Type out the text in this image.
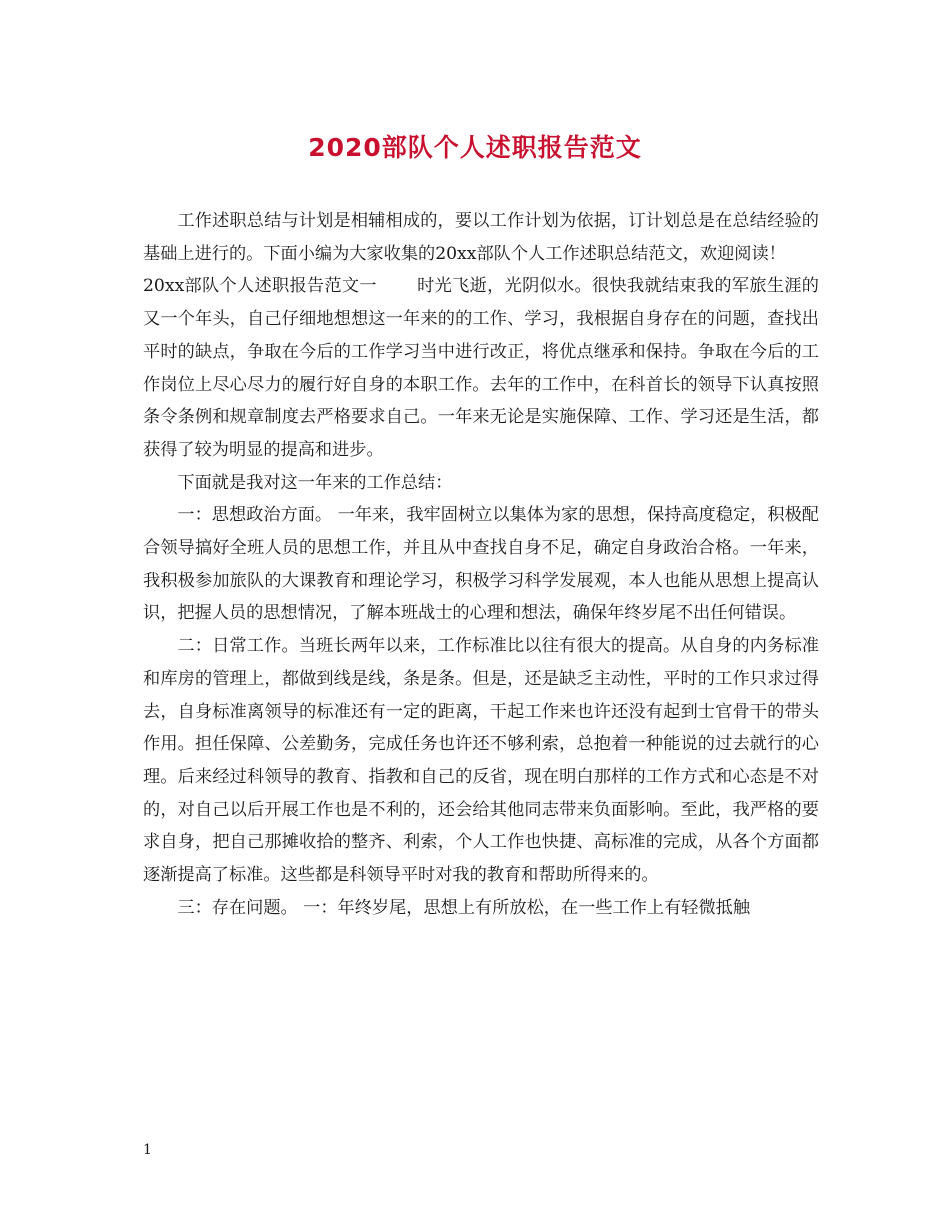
2020部队个人述职报告范文

工作述职总结与计划是相辅相成的，要以工作计划为依据，订计划总是在总结经验的基础上进行的。下面小编为大家收集的20xx部队个人工作述职总结范文，欢迎阅读！

20xx部队个人述职报告范文一 时光飞逝，光阴似水。很快我就结束我的军旅生涯的又一个年头，自己仔细地想想这一年来的的工作、学习，我根据自身存在的问题，查找出平时的缺点，争取在今后的工作学习当中进行改正，将优点继承和保持。争取在今后的工作岗位上尽心尽力的履行好自身的本职工作。去年的工作中，在科首长的领导下认真按照条令条例和规章制度去严格要求自己。一年来无论是实施保障、工作、学习还是生活，都获得了较为明显的提高和进步。

下面就是我对这一年来的工作总结：

一：思想政治方面。 一年来，我牢固树立以集体为家的思想，保持高度稳定，积极配合领导搞好全班人员的思想工作，并且从中查找自身不足，确定自身政治合格。一年来，我积极参加旅队的大课教育和理论学习，积极学习科学发展观，本人也能从思想上提高认识，把握人员的思想情况，了解本班战士的心理和想法，确保年终岁尾不出任何错误。

二：日常工作。当班长两年以来，工作标准比以往有很大的提高。从自身的内务标准和库房的管理上，都做到线是线，条是条。但是，还是缺乏主动性，平时的工作只求过得去，自身标准离领导的标准还有一定的距离，干起工作来也许还没有起到士官骨干的带头作用。担任保障、公差勤务，完成任务也许还不够利索，总抱着一种能说的过去就行的心理。后来经过科领导的教育、指教和自己的反省，现在明白那样的工作方式和心态是不对的，对自己以后开展工作也是不利的，还会给其他同志带来负面影响。至此，我严格的要求自身，把自己那摊收拾的整齐、利索，个人工作也快捷、高标准的完成，从各个方面都逐渐提高了标准。这些都是科领导平时对我的教育和帮助所得来的。

三：存在问题。 一：年终岁尾，思想上有所放松，在一些工作上有轻微抵触

1
